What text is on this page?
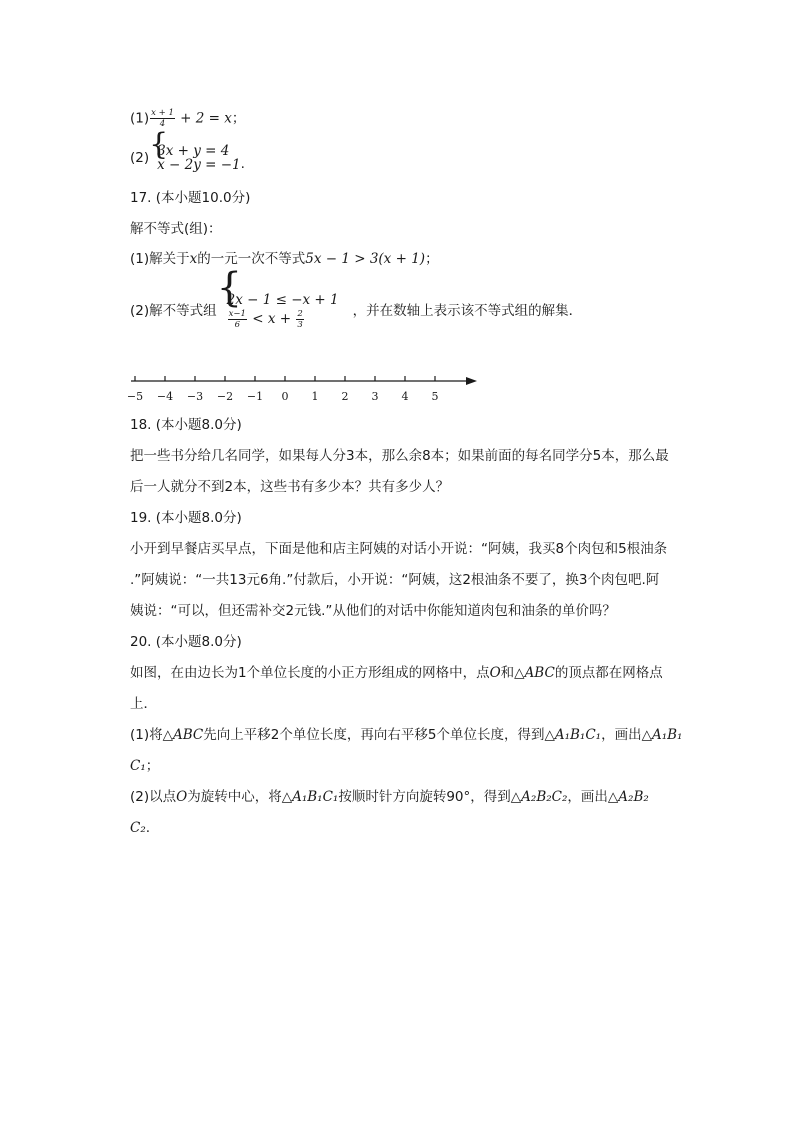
$(1) \frac{x + 1}{4} + 2 = x$；
(2) {
3x + y = 4
x − 2y = −1 .
17. (本小题10.0分)
解不等式(组)：
(1)解关于x的一元一次不等式5x − 1 > 3(x + 1)；
(2)解不等式组 {
2x − 1 ≤ −x + 1
$\frac{x-1}{6} < x + \frac{2}{3}$	，并在数轴上表示该不等式组的解集．
−5 −4 −3 −2 −1 0 1 2 3 4 5
18. (本小题8.0分)
把一些书分给几名同学，如果每人分3本，那么余8本；如果前面的每名同学分5本，那么最
后一人就分不到2本，这些书有多少本？共有多少人？
19. (本小题8.0分)
小开到早餐店买早点，下面是他和店主阿姨的对话小开说：“阿姨，我买8个肉包和5根油条
.”阿姨说：“一共13元6角.”付款后，小开说：“阿姨，这2根油条不要了，换3个肉包吧.阿
姨说：“可以，但还需补交2元钱.”从他们的对话中你能知道肉包和油条的单价吗？
20. (本小题8.0分)
如图，在由边长为1个单位长度的小正方形组成的网格中，点O和△ABC的顶点都在网格点
上．
(1)将△ABC先向上平移2个单位长度，再向右平移5个单位长度，得到△A₁B₁C₁，画出△A₁B₁
C₁；
(2)以点O为旋转中心，将△A₁B₁C₁按顺时针方向旋转90°，得到△A₂B₂C₂，画出△A₂B₂
C₂.
